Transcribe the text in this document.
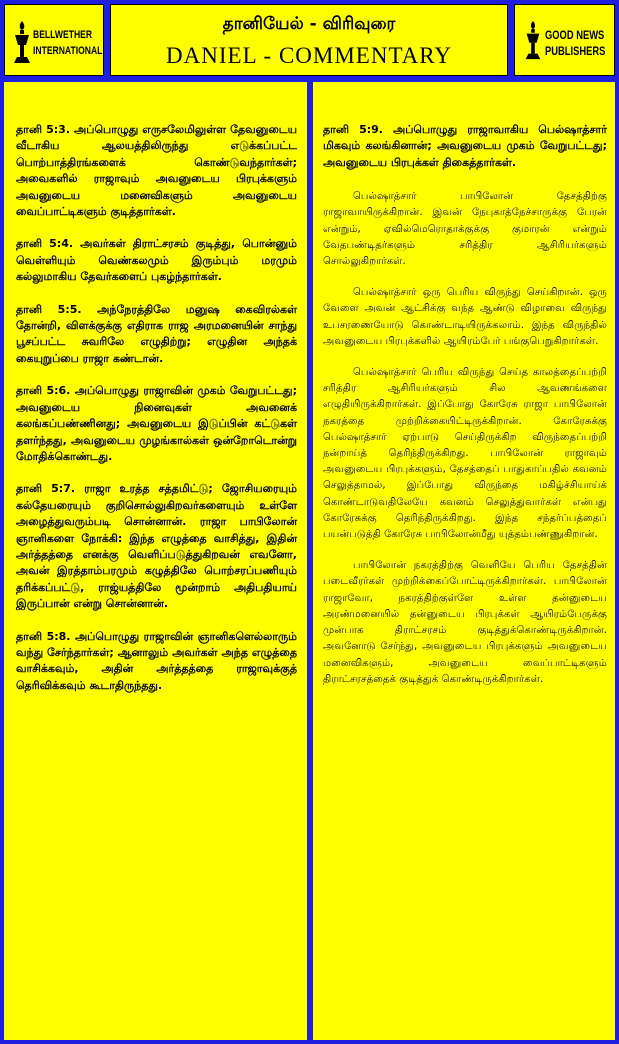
BELLWETHER
INTERNATIONAL
தானியேல் - விரிவுரை
DANIEL - COMMENTARY
GOOD NEWS
PUBLISHERS

தானி 5:3. அப்பொழுது எருசலேமிலுள்ள தேவனுடைய வீடாகிய ஆலயத்திலிருந்து எடுக்கப்பட்ட பொற்பாத்திரங்களைக் கொண்டுவந்தார்கள்; அவைகளில் ராஜாவும் அவனுடைய பிரபுக்களும் அவனுடைய மனைவிகளும் அவனுடைய வைப்பாட்டிகளும் குடித்தார்கள்.

தானி 5:4. அவர்கள் திராட்சரசம் குடித்து, பொன்னும் வெள்ளியும் வெண்கலமும் இரும்பும் மரமும் கல்லுமாகிய தேவர்களைப் புகழ்ந்தார்கள்.

தானி 5:5. அந்நேரத்திலே மனுஷ கைவிரல்கள் தோன்றி, விளக்குக்கு எதிராக ராஜ அரமனையின் சாந்து பூசப்பட்ட சுவரிலே எழுதிற்று; எழுதின அந்தக் கையுறுப்பை ராஜா கண்டான்.

தானி 5:6. அப்பொழுது ராஜாவின் முகம் வேறுபட்டது; அவனுடைய நினைவுகள் அவனைக் கலங்கப்பண்ணினது; அவனுடைய இடுப்பின் கட்டுகள் தளர்ந்தது, அவனுடைய முழங்கால்கள் ஒன்றோடொன்று மோதிக்கொண்டது.

தானி 5:7. ராஜா உரத்த சத்தமிட்டு; ஜோசியரையும் கல்தேயரையும் குறிசொல்லுகிறவர்களையும் உள்ளே அழைத்துவரும்படி சொன்னான். ராஜா பாபிலோன் ஞானிகளை நோக்கி: இந்த எழுத்தை வாசித்து, இதின் அர்த்தத்தை எனக்கு வெளிப்படுத்துகிறவன் எவனோ, அவன் இரத்தாம்பரமும் கழுத்திலே பொற்சரப்பணியும் தரிக்கப்பட்டு, ராஜ்யத்திலே மூன்றாம் அதிபதியாய் இருப்பான் என்று சொன்னான்.

தானி 5:8. அப்பொழுது ராஜாவின் ஞானிகளெல்லாரும் வந்து சேர்ந்தார்கள்; ஆனாலும் அவர்கள் அந்த எழுத்தை வாசிக்கவும், அதின் அர்த்தத்தை ராஜாவுக்குத் தெரிவிக்கவும் கூடாதிருந்தது.

தானி 5:9. அப்பொழுது ராஜாவாகிய பெல்ஷாத்சார் மிகவும் கலங்கினான்; அவனுடைய முகம் வேறுபட்டது; அவனுடைய பிரபுக்கள் திகைத்தார்கள்.

பெல்ஷாத்சார் பாபிலோன் தேசத்திற்கு ராஜாவாயிருக்கிறான். இவன் நேபுகாத்நேச்சாருக்கு பேரன் என்றும், ஏவில்மெரொதாக்குக்கு குமாரன் என்றும் வேதபண்டிதர்களும் சரித்திர ஆசிரியர்களும் சொல்லுகிறார்கள்.

பெல்ஷாத்சார் ஒரு பெரிய விருந்து செய்கிறான். ஒரு வேளை அவன் ஆட்சிக்கு வந்த ஆண்டு விழாவை விருந்து உபசரணையோடு கொண்டாடியிருக்கலாம். இந்த விருந்தில் அவனுடைய பிரபுக்களில் ஆயிரம்பேர் பங்குபெறுகிறார்கள்.

பெல்ஷாத்சார் பெரிய விருந்து செய்த காலத்தைப்பற்றி சரித்திர ஆசிரியர்களும் சில ஆவணங்களை எழுதியிருக்கிறார்கள். இப்போது கோரேசு ராஜா பாபிலோன் நகரத்தை முற்றிக்கையிட்டிருக்கிறான். கோரேசுக்கு பெல்ஷாத்சார் ஏற்பாடு செய்திருக்கிற விருந்தைப்பற்றி நன்றாய்த் தெரிந்திருக்கிறது. பாபிலோன் ராஜாவும் அவனுடைய பிரபுக்களும், தேசத்தைப் பாதுகாப்பதில் கவனம் செலுத்தாமல், இப்போது விருந்தை மகிழ்ச்சியாய்க் கொண்டாடுவதிலேயே கவனம் செலுத்துவார்கள் என்பது கோரேசுக்கு தெரிந்திருக்கிறது. இந்த சந்தர்ப்பத்தைப் பயன்படுத்தி கோரேசு பாபிலோன்மீது யுத்தம்பண்ணுகிறான்.

பாபிலோன் நகரத்திற்கு வெளியே பெரிய தேசத்தின் படைவீரர்கள் முற்றிக்கைப்போட்டிருக்கிறார்கள். பாபிலோன் ராஜாவோ, நகரத்திற்குள்ளே உள்ள தன்னுடைய அரண்மனையில் தன்னுடைய பிரபுக்கள் ஆயிரம்பேருக்கு முன்பாக திராட்சரசம் குடித்துக்கொண்டிருக்கிறான். அவனோடு சேர்ந்து, அவனுடைய பிரபுக்களும் அவனுடைய மனைவிகளும், அவனுடைய வைப்பாட்டிகளும் திராட்சரசத்தைக் குடித்துக் கொண்டிருக்கிறார்கள்.
